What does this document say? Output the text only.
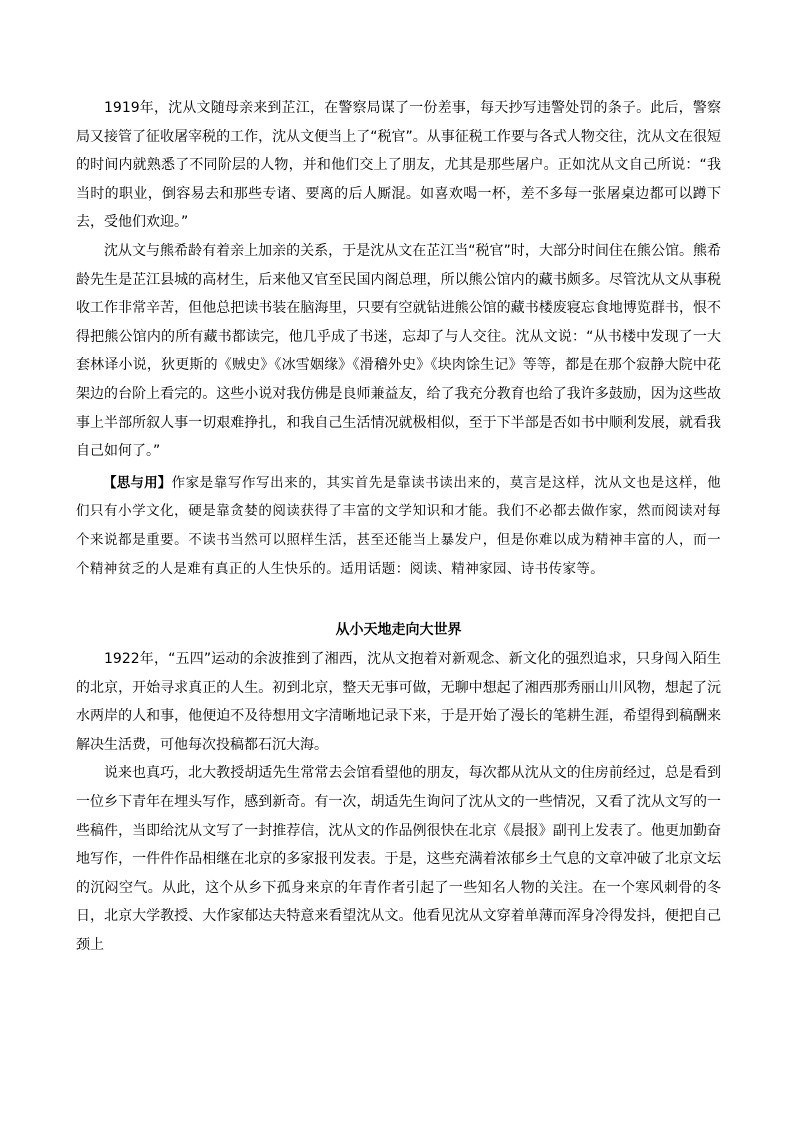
1919年，沈从文随母亲来到芷江，在警察局谋了一份差事，每天抄写违警处罚的条子。此后，警察局又接管了征收屠宰税的工作，沈从文便当上了“税官”。从事征税工作要与各式人物交往，沈从文在很短的时间内就熟悉了不同阶层的人物，并和他们交上了朋友，尤其是那些屠户。正如沈从文自己所说：“我当时的职业，倒容易去和那些专诸、要离的后人厮混。如喜欢喝一杯，差不多每一张屠桌边都可以蹲下去，受他们欢迎。”

沈从文与熊希龄有着亲上加亲的关系，于是沈从文在芷江当“税官”时，大部分时间住在熊公馆。熊希龄先生是芷江县城的高材生，后来他又官至民国内阁总理，所以熊公馆内的藏书颇多。尽管沈从文从事税收工作非常辛苦，但他总把读书装在脑海里，只要有空就钻进熊公馆的藏书楼废寝忘食地博览群书，恨不得把熊公馆内的所有藏书都读完，他几乎成了书迷，忘却了与人交往。沈从文说：“从书楼中发现了一大套林译小说，狄更斯的《贼史》《冰雪姻缘》《滑稽外史》《块肉馀生记》等等，都是在那个寂静大院中花架边的台阶上看完的。这些小说对我仿佛是良师兼益友，给了我充分教育也给了我许多鼓励，因为这些故事上半部所叙人事一切艰难挣扎，和我自己生活情况就极相似，至于下半部是否如书中顺利发展，就看我自己如何了。”

【思与用】作家是靠写作写出来的，其实首先是靠读书读出来的，莫言是这样，沈从文也是这样，他们只有小学文化，硬是靠贪婪的阅读获得了丰富的文学知识和才能。我们不必都去做作家，然而阅读对每个来说都是重要。不读书当然可以照样生活，甚至还能当上暴发户，但是你难以成为精神丰富的人，而一个精神贫乏的人是难有真正的人生快乐的。适用话题：阅读、精神家园、诗书传家等。

从小天地走向大世界

1922年，“五四”运动的余波推到了湘西，沈从文抱着对新观念、新文化的强烈追求，只身闯入陌生的北京，开始寻求真正的人生。初到北京，整天无事可做，无聊中想起了湘西那秀丽山川风物，想起了沅水两岸的人和事，他便迫不及待想用文字清晰地记录下来，于是开始了漫长的笔耕生涯，希望得到稿酬来解决生活费，可他每次投稿都石沉大海。

说来也真巧，北大教授胡适先生常常去会馆看望他的朋友，每次都从沈从文的住房前经过，总是看到一位乡下青年在埋头写作，感到新奇。有一次，胡适先生询问了沈从文的一些情况，又看了沈从文写的一些稿件，当即给沈从文写了一封推荐信，沈从文的作品例很快在北京《晨报》副刊上发表了。他更加勤奋地写作，一件件作品相继在北京的多家报刊发表。于是，这些充满着浓郁乡土气息的文章冲破了北京文坛的沉闷空气。从此，这个从乡下孤身来京的年青作者引起了一些知名人物的关注。在一个寒风刺骨的冬日，北京大学教授、大作家郁达夫特意来看望沈从文。他看见沈从文穿着单薄而浑身冷得发抖，便把自己颈上
